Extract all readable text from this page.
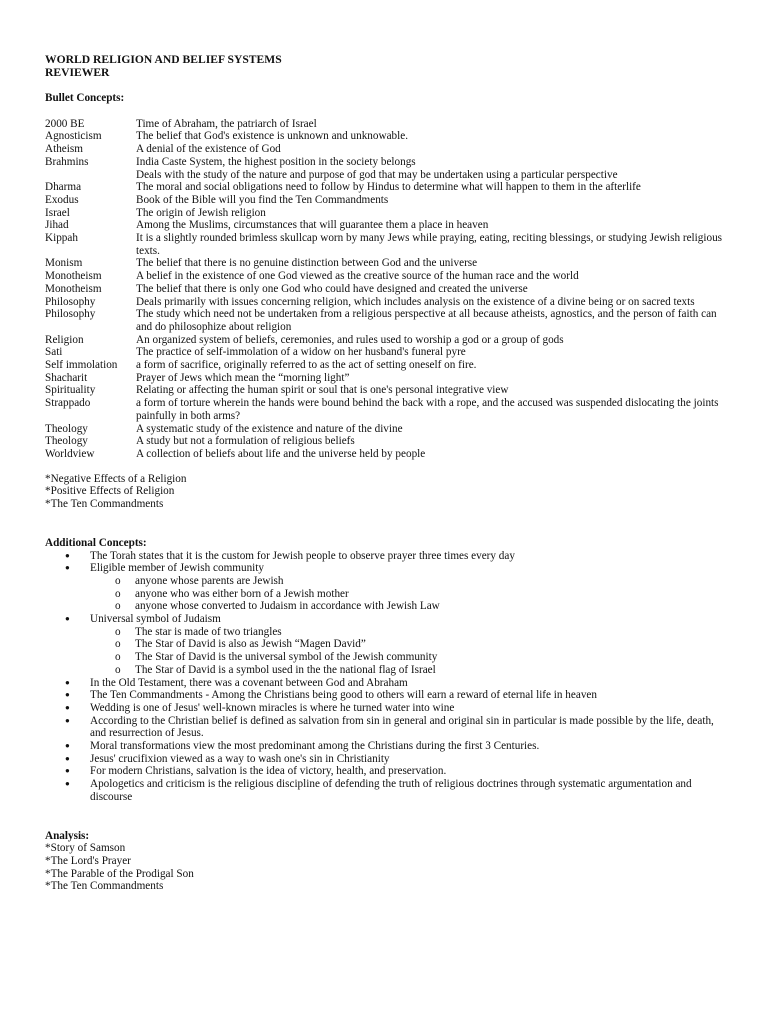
WORLD RELIGION AND BELIEF SYSTEMS
REVIEWER
Bullet Concepts:
2000 BE	Time of Abraham, the patriarch of Israel
Agnosticism	The belief that God's existence is unknown and unknowable.
Atheism	A denial of the existence of God
Brahmins	India Caste System, the highest position in the society belongs
Deals with the study of the nature and purpose of god that may be undertaken using a particular perspective
Dharma	The moral and social obligations need to follow by Hindus to determine what will happen to them in the afterlife
Exodus	Book of the Bible will you find the Ten Commandments
Israel	The origin of Jewish religion
Jihad	Among the Muslims, circumstances that will guarantee them a place in heaven
Kippah	It is a slightly rounded brimless skullcap worn by many Jews while praying, eating, reciting blessings, or studying Jewish religious texts.
Monism	The belief that there is no genuine distinction between God and the universe
Monotheism	A belief in the existence of one God viewed as the creative source of the human race and the world
Monotheism	The belief that there is only one God who could have designed and created the universe
Philosophy	Deals primarily with issues concerning religion, which includes analysis on the existence of a divine being or on sacred texts
Philosophy	The study which need not be undertaken from a religious perspective at all because atheists, agnostics, and the person of faith can and do philosophize about religion
Religion	An organized system of beliefs, ceremonies, and rules used to worship a god or a group of gods
Sati	The practice of self-immolation of a widow on her husband's funeral pyre
Self immolation	a form of sacrifice, originally referred to as the act of setting oneself on fire.
Shacharit	Prayer of Jews which mean the “morning light”
Spirituality	Relating or affecting the human spirit or soul that is one's personal integrative view
Strappado	a form of torture wherein the hands were bound behind the back with a rope, and the accused was suspended dislocating the joints painfully in both arms?
Theology	A systematic study of the existence and nature of the divine
Theology	A study but not a formulation of religious beliefs
Worldview	A collection of beliefs about life and the universe held by people
*Negative Effects of a Religion
*Positive Effects of Religion
*The Ten Commandments
Additional Concepts:
● The Torah states that it is the custom for Jewish people to observe prayer three times every day
● Eligible member of Jewish community
o anyone whose parents are Jewish
o anyone who was either born of a Jewish mother
o anyone whose converted to Judaism in accordance with Jewish Law
● Universal symbol of Judaism
o The star is made of two triangles
o The Star of David is also as Jewish “Magen David”
o The Star of David is the universal symbol of the Jewish community
o The Star of David is a symbol used in the the national flag of Israel
● In the Old Testament, there was a covenant between God and Abraham
● The Ten Commandments - Among the Christians being good to others will earn a reward of eternal life in heaven
● Wedding is one of Jesus' well-known miracles is where he turned water into wine
● According to the Christian belief is defined as salvation from sin in general and original sin in particular is made possible by the life, death, and resurrection of Jesus.
● Moral transformations view the most predominant among the Christians during the first 3 Centuries.
● Jesus' crucifixion viewed as a way to wash one's sin in Christianity
● For modern Christians, salvation is the idea of victory, health, and preservation.
● Apologetics and criticism is the religious discipline of defending the truth of religious doctrines through systematic argumentation and discourse
Analysis:
*Story of Samson
*The Lord's Prayer
*The Parable of the Prodigal Son
*The Ten Commandments
